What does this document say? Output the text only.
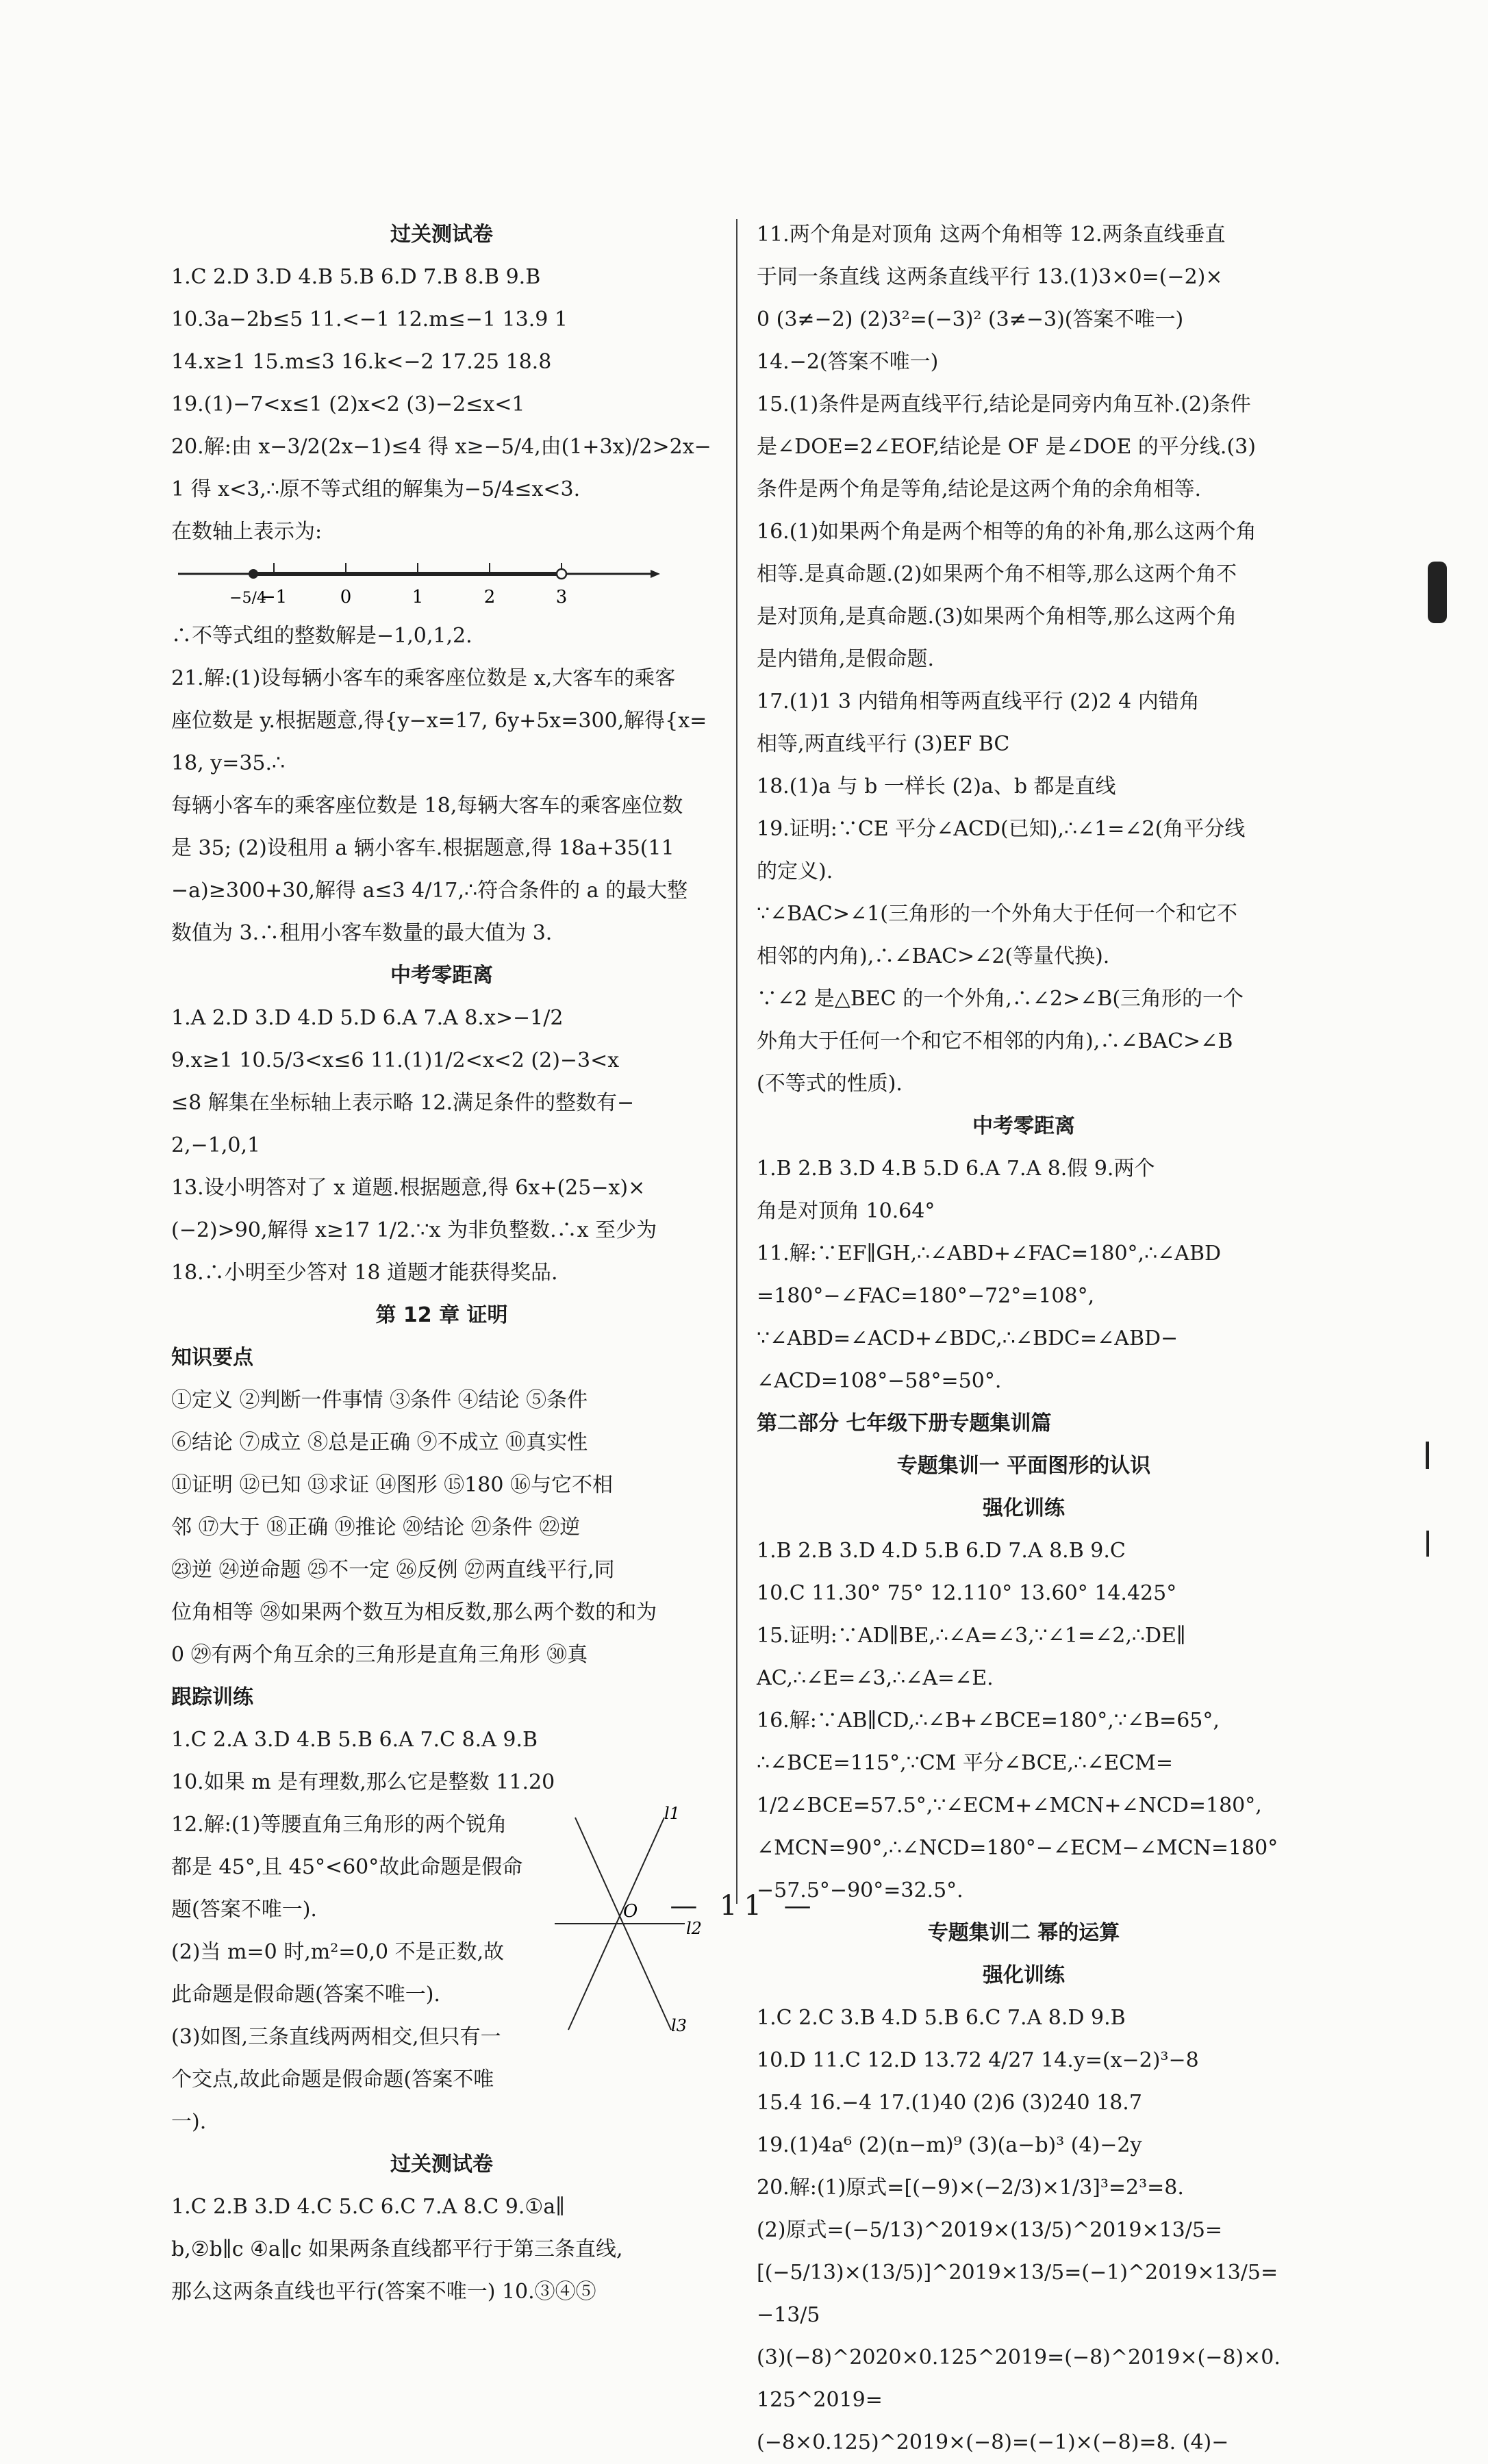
过关测试卷

1.C 2.D 3.D 4.B 5.B 6.D 7.B 8.B 9.B

10.3a−2b≤5 11.<−1 12.m≤−1 13.9 1

14.x≥1 15.m≤3 16.k<−2 17.25 18.8

19.(1)−7<x≤1 (2)x<2 (3)−2≤x<1

20.解:由 x−3/2(2x−1)≤4 得 x≥−5/4,由(1+3x)/2>2x−

1 得 x<3,∴原不等式组的解集为−5/4≤x<3.

在数轴上表示为:

−5/4
−1	0	1	2	3

∴不等式组的整数解是−1,0,1,2.

21.解:(1)设每辆小客车的乘客座位数是 x,大客车的乘客

座位数是 y.根据题意,得{y−x=17, 6y+5x=300,解得{x=18, y=35.∴

每辆小客车的乘客座位数是 18,每辆大客车的乘客座位数

是 35; (2)设租用 a 辆小客车.根据题意,得 18a+35(11

−a)≥300+30,解得 a≤3 4/17,∴符合条件的 a 的最大整

数值为 3.∴租用小客车数量的最大值为 3.

中考零距离

1.A 2.D 3.D 4.D 5.D 6.A 7.A 8.x>−1/2

9.x≥1 10.5/3<x≤6 11.(1)1/2<x<2 (2)−3<x

≤8 解集在坐标轴上表示略 12.满足条件的整数有−

2,−1,0,1

13.设小明答对了 x 道题.根据题意,得 6x+(25−x)×

(−2)>90,解得 x≥17 1/2.∵x 为非负整数.∴x 至少为

18.∴小明至少答对 18 道题才能获得奖品.

第 12 章 证明
知识要点

①定义 ②判断一件事情 ③条件 ④结论 ⑤条件

⑥结论 ⑦成立 ⑧总是正确 ⑨不成立 ⑩真实性

⑪证明 ⑫已知 ⑬求证 ⑭图形 ⑮180 ⑯与它不相

邻 ⑰大于 ⑱正确 ⑲推论 ⑳结论 ㉑条件 ㉒逆

㉓逆 ㉔逆命题 ㉕不一定 ㉖反例 ㉗两直线平行,同

位角相等 ㉘如果两个数互为相反数,那么两个数的和为

0 ㉙有两个角互余的三角形是直角三角形 ㉚真

跟踪训练

1.C 2.A 3.D 4.B 5.B 6.A 7.C 8.A 9.B

10.如果 m 是有理数,那么它是整数 11.20

12.解:(1)等腰直角三角形的两个锐角

都是 45°,且 45°<60°故此命题是假命

题(答案不唯一).

(2)当 m=0 时,m²=0,0 不是正数,故

此命题是假命题(答案不唯一).

(3)如图,三条直线两两相交,但只有一

个交点,故此命题是假命题(答案不唯

一).

l1
O
l2
l3
过关测试卷

1.C 2.B 3.D 4.C 5.C 6.C 7.A 8.C 9.①a∥

b,②b∥c ④a∥c 如果两条直线都平行于第三条直线,

那么这两条直线也平行(答案不唯一) 10.③④⑤

11.两个角是对顶角 这两个角相等 12.两条直线垂直

于同一条直线 这两条直线平行 13.(1)3×0=(−2)×

0 (3≠−2) (2)3²=(−3)² (3≠−3)(答案不唯一)

14.−2(答案不唯一)

15.(1)条件是两直线平行,结论是同旁内角互补.(2)条件

是∠DOE=2∠EOF,结论是 OF 是∠DOE 的平分线.(3)

条件是两个角是等角,结论是这两个角的余角相等.

16.(1)如果两个角是两个相等的角的补角,那么这两个角

相等.是真命题.(2)如果两个角不相等,那么这两个角不

是对顶角,是真命题.(3)如果两个角相等,那么这两个角

是内错角,是假命题.

17.(1)1 3 内错角相等两直线平行 (2)2 4 内错角

相等,两直线平行 (3)EF BC

18.(1)a 与 b 一样长 (2)a、b 都是直线

19.证明:∵CE 平分∠ACD(已知),∴∠1=∠2(角平分线

的定义).

∵∠BAC>∠1(三角形的一个外角大于任何一个和它不

相邻的内角),∴∠BAC>∠2(等量代换).

∵∠2 是△BEC 的一个外角,∴∠2>∠B(三角形的一个

外角大于任何一个和它不相邻的内角),∴∠BAC>∠B

(不等式的性质).

中考零距离

1.B 2.B 3.D 4.B 5.D 6.A 7.A 8.假 9.两个

角是对顶角 10.64°

11.解:∵EF∥GH,∴∠ABD+∠FAC=180°,∴∠ABD

=180°−∠FAC=180°−72°=108°,

∵∠ABD=∠ACD+∠BDC,∴∠BDC=∠ABD−

∠ACD=108°−58°=50°.

第二部分 七年级下册专题集训篇
专题集训一 平面图形的认识
强化训练

1.B 2.B 3.D 4.D 5.B 6.D 7.A 8.B 9.C

10.C 11.30° 75° 12.110° 13.60° 14.425°

15.证明:∵AD∥BE,∴∠A=∠3,∵∠1=∠2,∴DE∥

AC,∴∠E=∠3,∴∠A=∠E.

16.解:∵AB∥CD,∴∠B+∠BCE=180°,∵∠B=65°,

∴∠BCE=115°,∵CM 平分∠BCE,∴∠ECM=

1/2∠BCE=57.5°,∵∠ECM+∠MCN+∠NCD=180°,

∠MCN=90°,∴∠NCD=180°−∠ECM−∠MCN=180°

−57.5°−90°=32.5°.

专题集训二 幂的运算
强化训练

1.C 2.C 3.B 4.D 5.B 6.C 7.A 8.D 9.B

10.D 11.C 12.D 13.72 4/27 14.y=(x−2)³−8

15.4 16.−4 17.(1)40 (2)6 (3)240 18.7

19.(1)4a⁶ (2)(n−m)⁹ (3)(a−b)³ (4)−2y

20.解:(1)原式=[(−9)×(−2/3)×1/3]³=2³=8.

(2)原式=(−5/13)^2019×(13/5)^2019×13/5=

[(−5/13)×(13/5)]^2019×13/5=(−1)^2019×13/5=−13/5

(3)(−8)^2020×0.125^2019=(−8)^2019×(−8)×0.125^2019=

(−8×0.125)^2019×(−8)=(−1)×(−8)=8. (4)−

— 11 —
